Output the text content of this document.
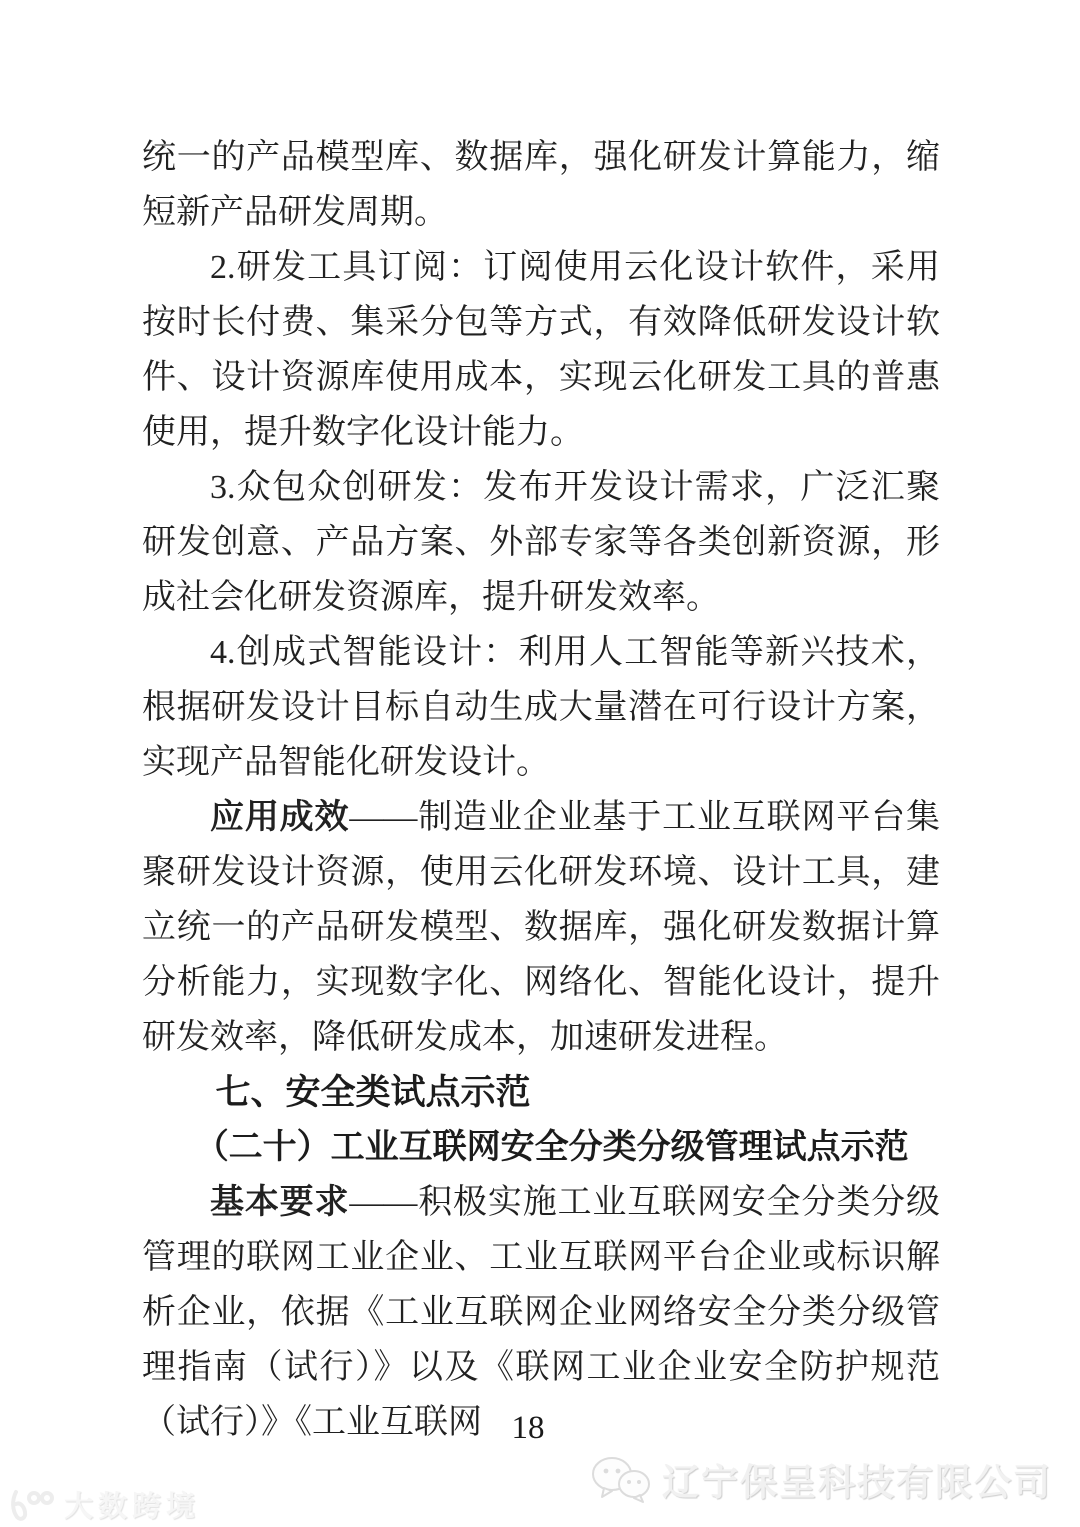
统一的产品模型库、数据库，强化研发计算能力，缩短新产品研发周期。

2.研发工具订阅：订阅使用云化设计软件，采用按时长付费、集采分包等方式，有效降低研发设计软件、设计资源库使用成本，实现云化研发工具的普惠使用，提升数字化设计能力。

3.众包众创研发：发布开发设计需求，广泛汇聚研发创意、产品方案、外部专家等各类创新资源，形成社会化研发资源库，提升研发效率。

4.创成式智能设计：利用人工智能等新兴技术，根据研发设计目标自动生成大量潜在可行设计方案，实现产品智能化研发设计。

应用成效——制造业企业基于工业互联网平台集聚研发设计资源，使用云化研发环境、设计工具，建立统一的产品研发模型、数据库，强化研发数据计算分析能力，实现数字化、网络化、智能化设计，提升研发效率，降低研发成本，加速研发进程。

七、安全类试点示范
（二十）工业互联网安全分类分级管理试点示范

基本要求——积极实施工业互联网安全分类分级管理的联网工业企业、工业互联网平台企业或标识解析企业，依据《工业互联网企业网络安全分类分级管理指南（试行）》以及《联网工业企业安全防护规范（试行）》《工业互联网 18
辽宁保呈科技有限公司
大数跨境
